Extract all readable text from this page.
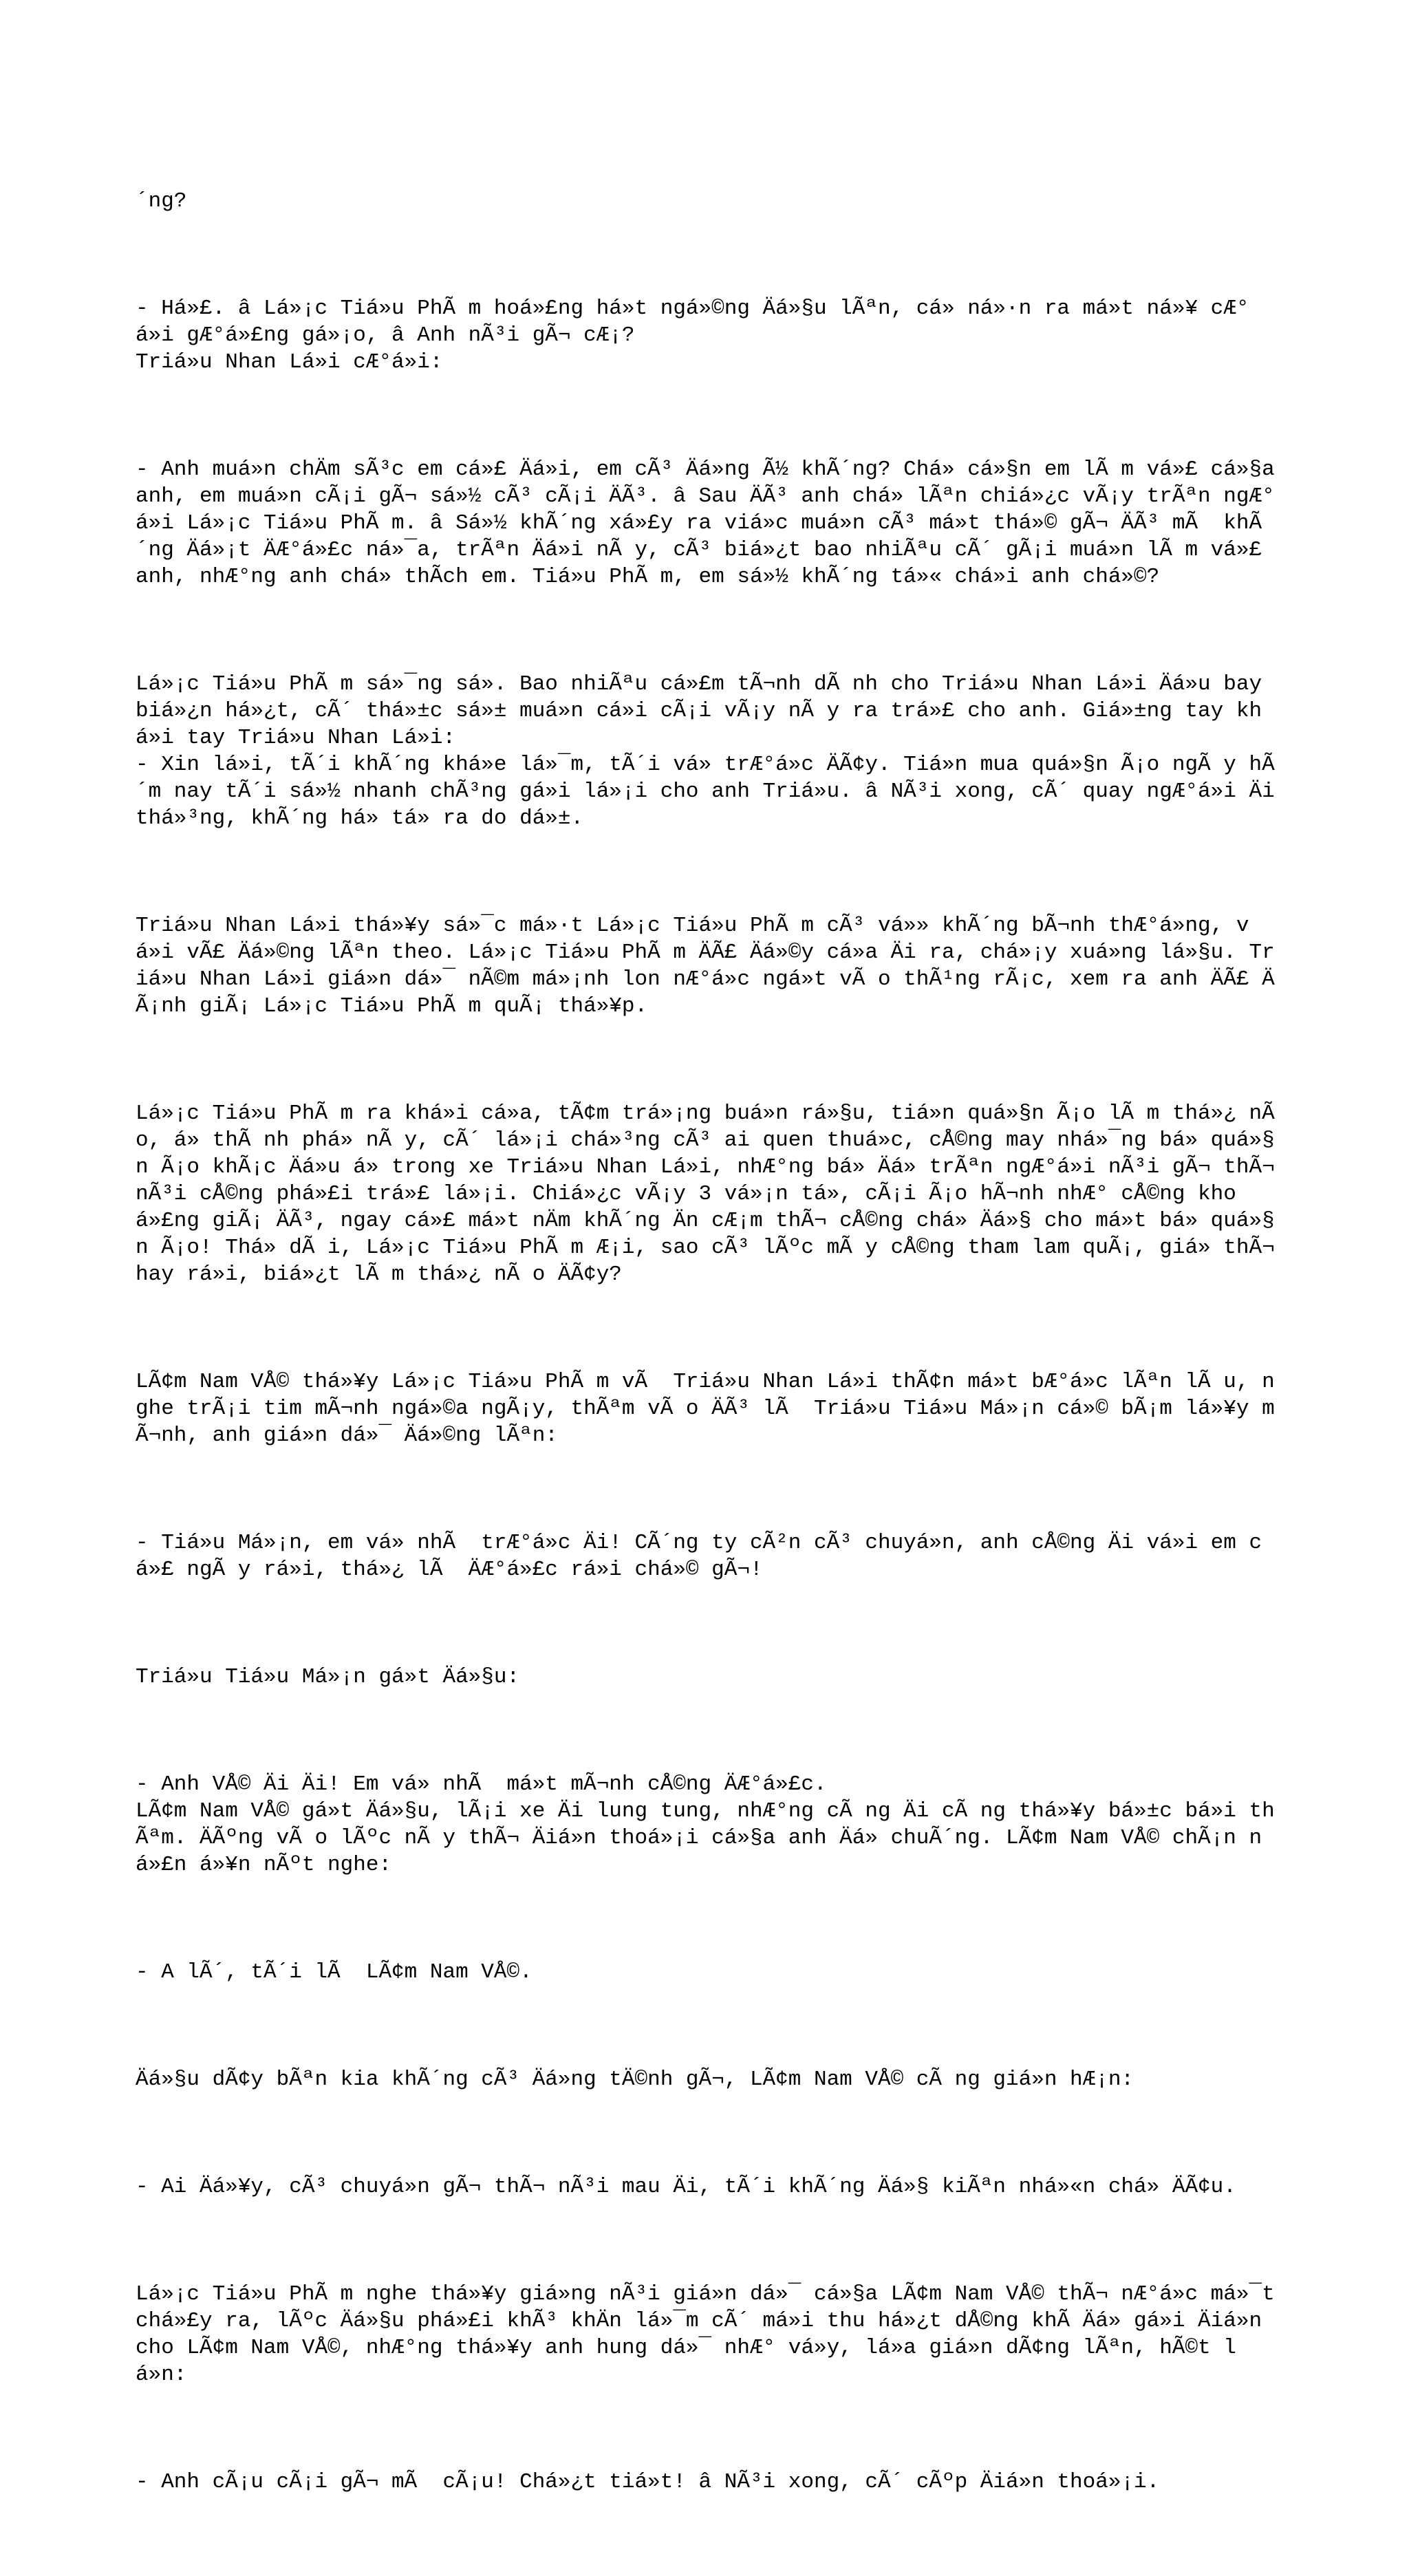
´ng?

- Há»£. â Lá»¡c Tiá»u PhÃ m hoá»£ng há»t ngá»©ng Äá»§u lÃªn, cá» ná»·n ra má»t ná»¥ cÆ°á»i gÆ°á»£ng gá»¡o, â Anh nÃ³i gÃ¬ cÆ¡?
Triá»u Nhan Lá»i cÆ°á»i:

- Anh muá»n chÄm sÃ³c em cá»£ Äá»i, em cÃ³ Äá»ng Ã½ khÃ´ng? Chá» cá»§n em lÃ m vá»£ cá»§a anh, em muá»n cÃ¡i gÃ¬ sá»½ cÃ³ cÃ¡i ÄÃ³. â Sau ÄÃ³ anh chá» lÃªn chiá»¿c vÃ¡y trÃªn ngÆ°á»i Lá»¡c Tiá»u PhÃ m. â Sá»½ khÃ´ng xá»£y ra viá»c muá»n cÃ³ má»t thá»© gÃ¬ ÄÃ³ mÃ  khÃ´ng Äá»¡t ÄÆ°á»£c ná»¯a, trÃªn Äá»i nÃ y, cÃ³ biá»¿t bao nhiÃªu cÃ´ gÃ¡i muá»n lÃ m vá»£ anh, nhÆ°ng anh chá» thÃch em. Tiá»u PhÃ m, em sá»½ khÃ´ng tá»« chá»i anh chá»©?

Lá»¡c Tiá»u PhÃ m sá»¯ng sá». Bao nhiÃªu cá»£m tÃ¬nh dÃ nh cho Triá»u Nhan Lá»i Äá»u bay biá»¿n há»¿t, cÃ´ thá»±c sá»± muá»n cá»i cÃ¡i vÃ¡y nÃ y ra trá»£ cho anh. Giá»±ng tay khá»i tay Triá»u Nhan Lá»i:
- Xin lá»i, tÃ´i khÃ´ng khá»e lá»¯m, tÃ´i vá» trÆ°á»c ÄÃ¢y. Tiá»n mua quá»§n Ã¡o ngÃ y hÃ´m nay tÃ´i sá»½ nhanh chÃ³ng gá»i lá»¡i cho anh Triá»u. â NÃ³i xong, cÃ´ quay ngÆ°á»i Äi thá»³ng, khÃ´ng há» tá» ra do dá»±.

Triá»u Nhan Lá»i thá»¥y sá»¯c má»·t Lá»¡c Tiá»u PhÃ m cÃ³ vá»» khÃ´ng bÃ¬nh thÆ°á»ng, vá»i vÃ£ Äá»©ng lÃªn theo. Lá»¡c Tiá»u PhÃ m ÄÃ£ Äá»©y cá»a Äi ra, chá»¡y xuá»ng lá»§u. Triá»u Nhan Lá»i giá»n dá»¯ nÃ©m má»¡nh lon nÆ°á»c ngá»t vÃ o thÃ¹ng rÃ¡c, xem ra anh ÄÃ£ ÄÃ¡nh giÃ¡ Lá»¡c Tiá»u PhÃ m quÃ¡ thá»¥p.

Lá»¡c Tiá»u PhÃ m ra khá»i cá»a, tÃ¢m trá»¡ng buá»n rá»§u, tiá»n quá»§n Ã¡o lÃ m thá»¿ nÃ o, á» thÃ nh phá» nÃ y, cÃ´ lá»¡i chá»³ng cÃ³ ai quen thuá»c, cÅ©ng may nhá»¯ng bá» quá»§n Ã¡o khÃ¡c Äá»u á» trong xe Triá»u Nhan Lá»i, nhÆ°ng bá» Äá» trÃªn ngÆ°á»i nÃ³i gÃ¬ thÃ¬ nÃ³i cÅ©ng phá»£i trá»£ lá»¡i. Chiá»¿c vÃ¡y 3 vá»¡n tá», cÃ¡i Ã¡o hÃ¬nh nhÆ° cÅ©ng khoá»£ng giÃ¡ ÄÃ³, ngay cá»£ má»t nÄm khÃ´ng Än cÆ¡m thÃ¬ cÅ©ng chá» Äá»§ cho má»t bá» quá»§n Ã¡o! Thá» dÃ i, Lá»¡c Tiá»u PhÃ m Æ¡i, sao cÃ³ lÃºc mÃ y cÅ©ng tham lam quÃ¡, giá» thÃ¬ hay rá»i, biá»¿t lÃ m thá»¿ nÃ o ÄÃ¢y?

LÃ¢m Nam VÅ© thá»¥y Lá»¡c Tiá»u PhÃ m vÃ  Triá»u Nhan Lá»i thÃ¢n má»t bÆ°á»c lÃªn lÃ u, nghe trÃ¡i tim mÃ¬nh ngá»©a ngÃ¡y, thÃªm vÃ o ÄÃ³ lÃ  Triá»u Tiá»u Má»¡n cá»© bÃ¡m lá»¥y mÃ¬nh, anh giá»n dá»¯ Äá»©ng lÃªn:

- Tiá»u Má»¡n, em vá» nhÃ  trÆ°á»c Äi! CÃ´ng ty cÃ²n cÃ³ chuyá»n, anh cÅ©ng Äi vá»i em cá»£ ngÃ y rá»i, thá»¿ lÃ  ÄÆ°á»£c rá»i chá»© gÃ¬!

Triá»u Tiá»u Má»¡n gá»t Äá»§u:

- Anh VÅ© Äi Äi! Em vá» nhÃ  má»t mÃ¬nh cÅ©ng ÄÆ°á»£c.
LÃ¢m Nam VÅ© gá»t Äá»§u, lÃ¡i xe Äi lung tung, nhÆ°ng cÃ ng Äi cÃ ng thá»¥y bá»±c bá»i thÃªm. ÄÃºng vÃ o lÃºc nÃ y thÃ¬ Äiá»n thoá»¡i cá»§a anh Äá» chuÃ´ng. LÃ¢m Nam VÅ© chÃ¡n ná»£n á»¥n nÃºt nghe:

- A lÃ´, tÃ´i lÃ  LÃ¢m Nam VÅ©.

Äá»§u dÃ¢y bÃªn kia khÃ´ng cÃ³ Äá»ng tÄ©nh gÃ¬, LÃ¢m Nam VÅ© cÃ ng giá»n hÆ¡n:

- Ai Äá»¥y, cÃ³ chuyá»n gÃ¬ thÃ¬ nÃ³i mau Äi, tÃ´i khÃ´ng Äá»§ kiÃªn nhá»«n chá» ÄÃ¢u.

Lá»¡c Tiá»u PhÃ m nghe thá»¥y giá»ng nÃ³i giá»n dá»¯ cá»§a LÃ¢m Nam VÅ© thÃ¬ nÆ°á»c má»¯t chá»£y ra, lÃºc Äá»§u phá»£i khÃ³ khÄn lá»¯m cÃ´ má»i thu há»¿t dÅ©ng khÃ Äá» gá»i Äiá»n cho LÃ¢m Nam VÅ©, nhÆ°ng thá»¥y anh hung dá»¯ nhÆ° vá»y, lá»a giá»n dÃ¢ng lÃªn, hÃ©t lá»n:

- Anh cÃ¡u cÃ¡i gÃ¬ mÃ  cÃ¡u! Chá»¿t tiá»t! â NÃ³i xong, cÃ´ cÃºp Äiá»n thoá»¡i.
